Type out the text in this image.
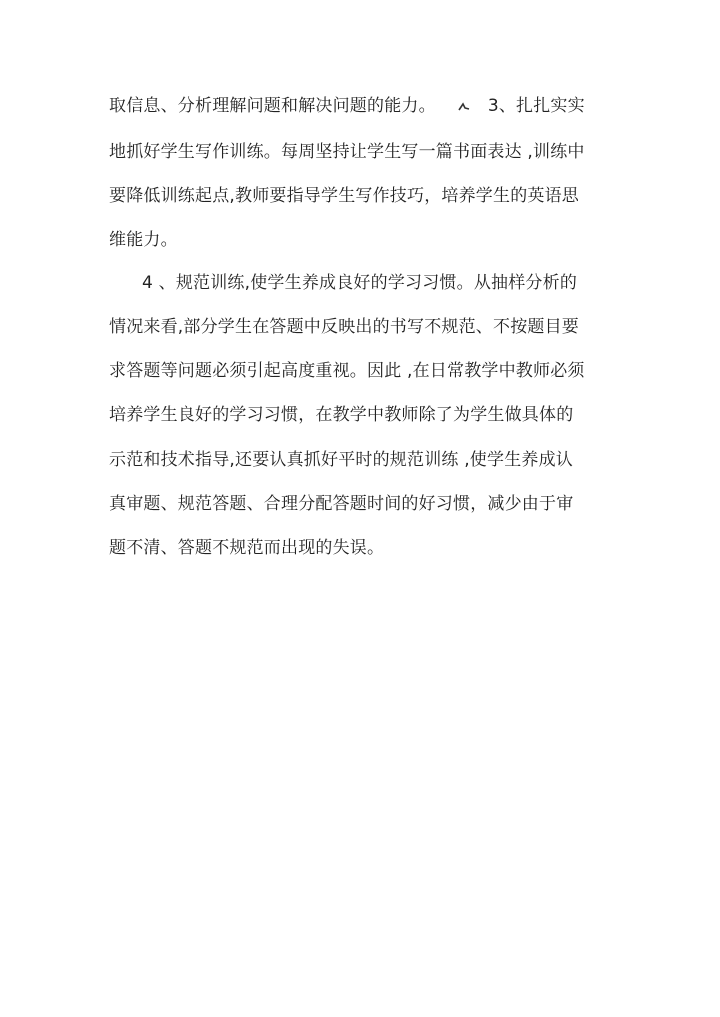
取信息、分析理解问题和解决问题的能力。	3、扎扎实实
地抓好学生写作训练。每周坚持让学生写一篇书面表达 ,训练中
要降低训练起点,教师要指导学生写作技巧，培养学生的英语思
维能力。
4 、规范训练,使学生养成良好的学习习惯。从抽样分析的
情况来看,部分学生在答题中反映出的书写不规范、不按题目要
求答题等问题必须引起高度重视。因此 ,在日常教学中教师必须
培养学生良好的学习习惯，在教学中教师除了为学生做具体的
示范和技术指导,还要认真抓好平时的规范训练 ,使学生养成认
真审题、规范答题、合理分配答题时间的好习惯，减少由于审
题不清、答题不规范而出现的失误。
